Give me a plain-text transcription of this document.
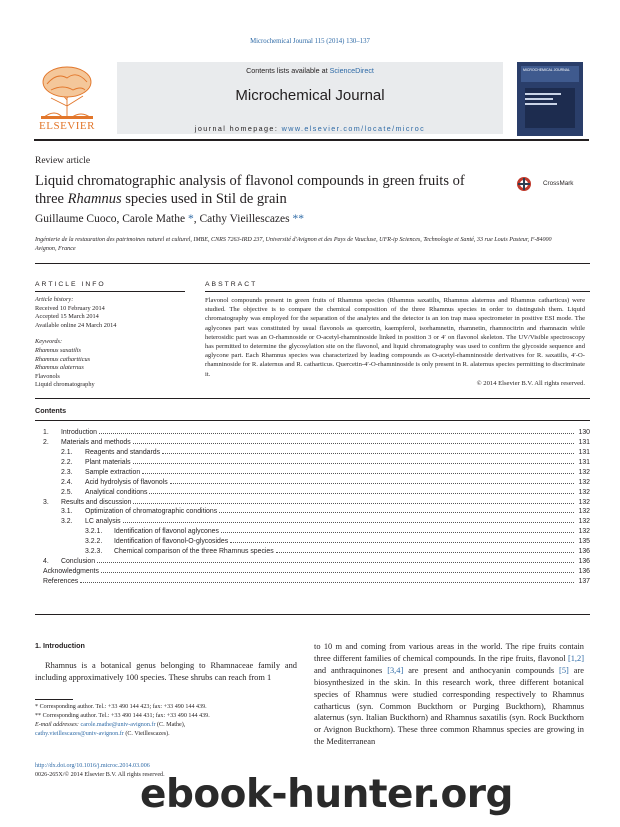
Microchemical Journal 115 (2014) 130–137
Contents lists available at ScienceDirect
Microchemical Journal
journal homepage: www.elsevier.com/locate/microc
ELSEVIER
MICROCHEMICAL JOURNAL
Review article
Liquid chromatographic analysis of flavonol compounds in green fruits of three Rhamnus species used in Stil de grain
CrossMark
Guillaume Cuoco, Carole Mathe *, Cathy Vieillescazes **
Ingénierie de la restauration des patrimoines naturel et culturel, IMBE, CNRS 7263-IRD 237, Université d'Avignon et des Pays de Vaucluse, UFR-ip Sciences, Technologie et Santé, 33 rue Louis Pasteur, F-84000 Avignon, France
ARTICLE INFO	ABSTRACT
Article history:
Received 10 February 2014
Accepted 15 March 2014
Available online 24 March 2014
Keywords:
Rhamnus saxatilis
Rhamnus cathartticus
Rhamnus alaternus
Flavonols
Liquid chromatography
Flavonol compounds present in green fruits of Rhamnus species (Rhamnus saxatilis, Rhamnus alaternus and Rhamnus catharticus) were studied. The objective is to compare the chemical composition of the three Rhamnus species in order to distinguish them. Liquid chromatography was employed for the separation of the analytes and the detector is an ion trap mass spectrometer in positive ESI mode. The aglycones part was constituted by usual flavonols as quercetin, kaempferol, isorhamnetin, rhamnetin, rhamnocitrin and rhamnazin while heterosidic part was an O-rhamnoside or O-acetyl-rhamninoside linked in position 3 or 4′ on flavonol skeleton. The UV/Visible spectroscopy has permitted to determine the glycosylation site on the flavonol, and liquid chromatography was used to confirm the glycoside sequence and aglycone part. Each Rhamnus species was characterized by leading compounds as O-acetyl-rhamninoside derivatives for R. saxatilis, 4′-O-rhamninoside for R. alaternus and R. catharticus. Quercetin-4′-O-rhamninoside is only present in R. alaternus species permitting to discriminate it.
© 2014 Elsevier B.V. All rights reserved.
Contents
1. Introduction	130
2. Materials and methods	131
2.1. Reagents and standards	131
2.2. Plant materials	131
2.3. Sample extraction	132
2.4. Acid hydrolysis of flavonols	132
2.5. Analytical conditions	132
3. Results and discussion	132
3.1. Optimization of chromatographic conditions	132
3.2. LC analysis	132
3.2.1. Identification of flavonol aglycones	132
3.2.2. Identification of flavonol-O-glycosides	135
3.2.3. Chemical comparison of the three Rhamnus species	136
4. Conclusion	136
Acknowledgments	136
References	137
1. Introduction
Rhamnus is a botanical genus belonging to Rhamnaceae family and including approximatively 100 species. These shrubs can reach from 1
to 10 m and coming from various areas in the world. The ripe fruits contain three different families of chemical compounds. In the ripe fruits, flavonol [1,2] and anthraquinones [3,4] are present and anthocyanin compounds [5] are biosynthesized in the skin. In this research work, three different botanical species of Rhamnus were studied corresponding respectively to Rhamnus catharticus (syn. Common Buckthorn or Purging Buckthorn), Rhamnus alaternus (syn. Italian Buckthorn) and Rhamnus saxatilis (syn. Rock Buckthorn or Avignon Buckthorn). These three common Rhamnus species are growing in the Mediterranean
* Corresponding author. Tel.: +33 490 144 423; fax: +33 490 144 439.
** Corresponding author. Tel.: +33 490 144 431; fax: +33 490 144 439.
E-mail addresses: carole.mathe@univ-avignon.fr (C. Mathe),
cathy.vieillescazes@univ-avignon.fr (C. Vieillescazes).
http://dx.doi.org/10.1016/j.microc.2014.03.006
0026-265X/© 2014 Elsevier B.V. All rights reserved.
ebook-hunter.org
